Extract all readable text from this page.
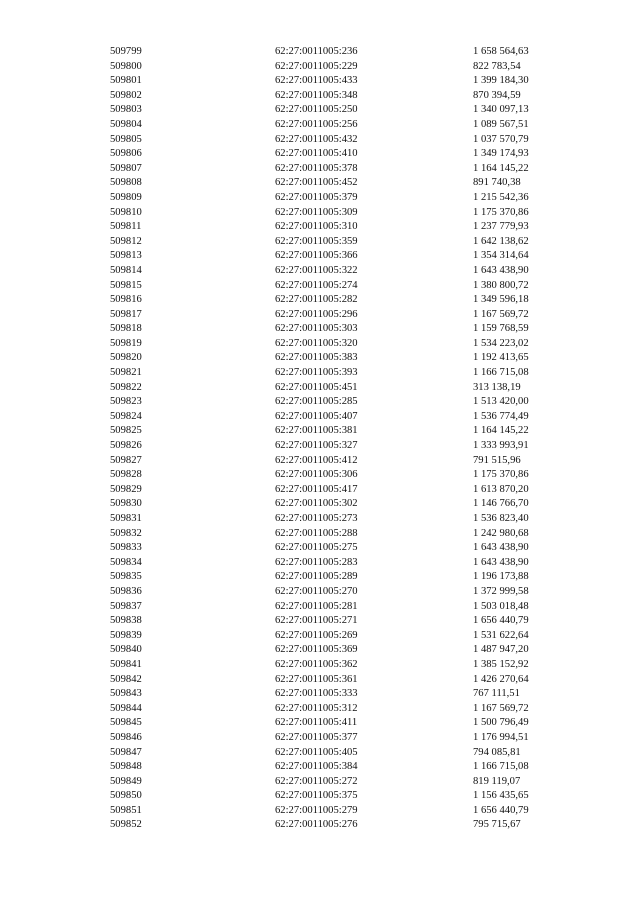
509799	62:27:0011005:236	1 658 564,63
509800	62:27:0011005:229	822 783,54
509801	62:27:0011005:433	1 399 184,30
509802	62:27:0011005:348	870 394,59
509803	62:27:0011005:250	1 340 097,13
509804	62:27:0011005:256	1 089 567,51
509805	62:27:0011005:432	1 037 570,79
509806	62:27:0011005:410	1 349 174,93
509807	62:27:0011005:378	1 164 145,22
509808	62:27:0011005:452	891 740,38
509809	62:27:0011005:379	1 215 542,36
509810	62:27:0011005:309	1 175 370,86
509811	62:27:0011005:310	1 237 779,93
509812	62:27:0011005:359	1 642 138,62
509813	62:27:0011005:366	1 354 314,64
509814	62:27:0011005:322	1 643 438,90
509815	62:27:0011005:274	1 380 800,72
509816	62:27:0011005:282	1 349 596,18
509817	62:27:0011005:296	1 167 569,72
509818	62:27:0011005:303	1 159 768,59
509819	62:27:0011005:320	1 534 223,02
509820	62:27:0011005:383	1 192 413,65
509821	62:27:0011005:393	1 166 715,08
509822	62:27:0011005:451	313 138,19
509823	62:27:0011005:285	1 513 420,00
509824	62:27:0011005:407	1 536 774,49
509825	62:27:0011005:381	1 164 145,22
509826	62:27:0011005:327	1 333 993,91
509827	62:27:0011005:412	791 515,96
509828	62:27:0011005:306	1 175 370,86
509829	62:27:0011005:417	1 613 870,20
509830	62:27:0011005:302	1 146 766,70
509831	62:27:0011005:273	1 536 823,40
509832	62:27:0011005:288	1 242 980,68
509833	62:27:0011005:275	1 643 438,90
509834	62:27:0011005:283	1 643 438,90
509835	62:27:0011005:289	1 196 173,88
509836	62:27:0011005:270	1 372 999,58
509837	62:27:0011005:281	1 503 018,48
509838	62:27:0011005:271	1 656 440,79
509839	62:27:0011005:269	1 531 622,64
509840	62:27:0011005:369	1 487 947,20
509841	62:27:0011005:362	1 385 152,92
509842	62:27:0011005:361	1 426 270,64
509843	62:27:0011005:333	767 111,51
509844	62:27:0011005:312	1 167 569,72
509845	62:27:0011005:411	1 500 796,49
509846	62:27:0011005:377	1 176 994,51
509847	62:27:0011005:405	794 085,81
509848	62:27:0011005:384	1 166 715,08
509849	62:27:0011005:272	819 119,07
509850	62:27:0011005:375	1 156 435,65
509851	62:27:0011005:279	1 656 440,79
509852	62:27:0011005:276	795 715,67
